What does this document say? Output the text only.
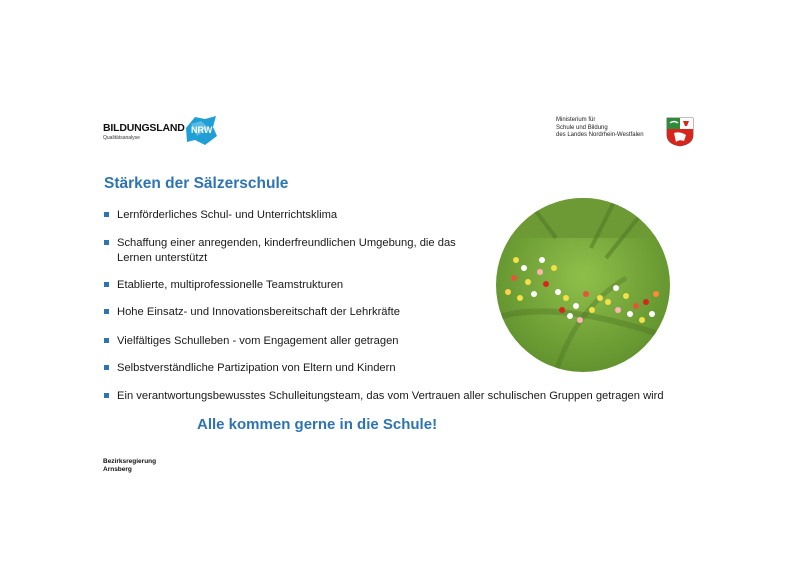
BILDUNGSLAND
Qualitätsanalyse
NRW
Ministerium für
Schule und Bildung
des Landes Nordrhein-Westfalen
Stärken der Sälzerschule
Lernförderliches Schul- und Unterrichtsklima
Schaffung einer anregenden, kinderfreundlichen Umgebung, die das Lernen unterstützt
Etablierte, multiprofessionelle Teamstrukturen
Hohe Einsatz- und Innovationsbereitschaft der Lehrkräfte
Vielfältiges Schulleben - vom Engagement aller getragen
Selbstverständliche Partizipation von Eltern und Kindern
Ein verantwortungsbewusstes Schulleitungsteam, das vom Vertrauen aller schulischen Gruppen getragen wird
Alle kommen gerne in die Schule!
Bezirksregierung
Arnsberg
